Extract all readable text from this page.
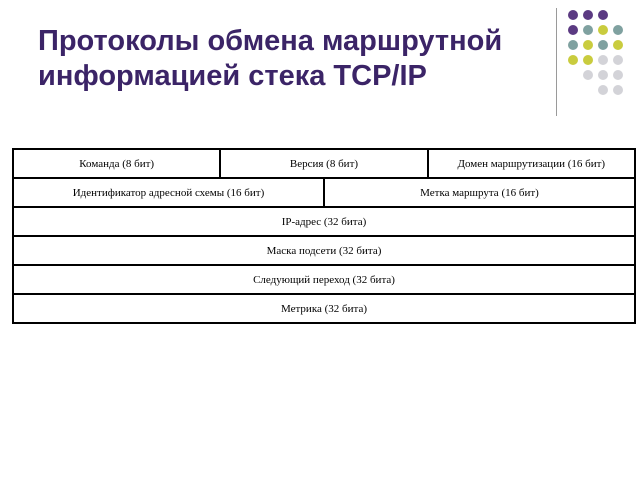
Протоколы обмена маршрутной
информацией стека TCP/IP
Команда (8 бит)	Версия (8 бит)		Домен маршрутизации (16 бит)
Идентификатор адресной схемы (16 бит)		Метка маршрута (16 бит)	
IP-адрес (32 бита)			
Маска подсети (32 бита)			
Следующий переход (32 бита)			
Метрика (32 бита)			
